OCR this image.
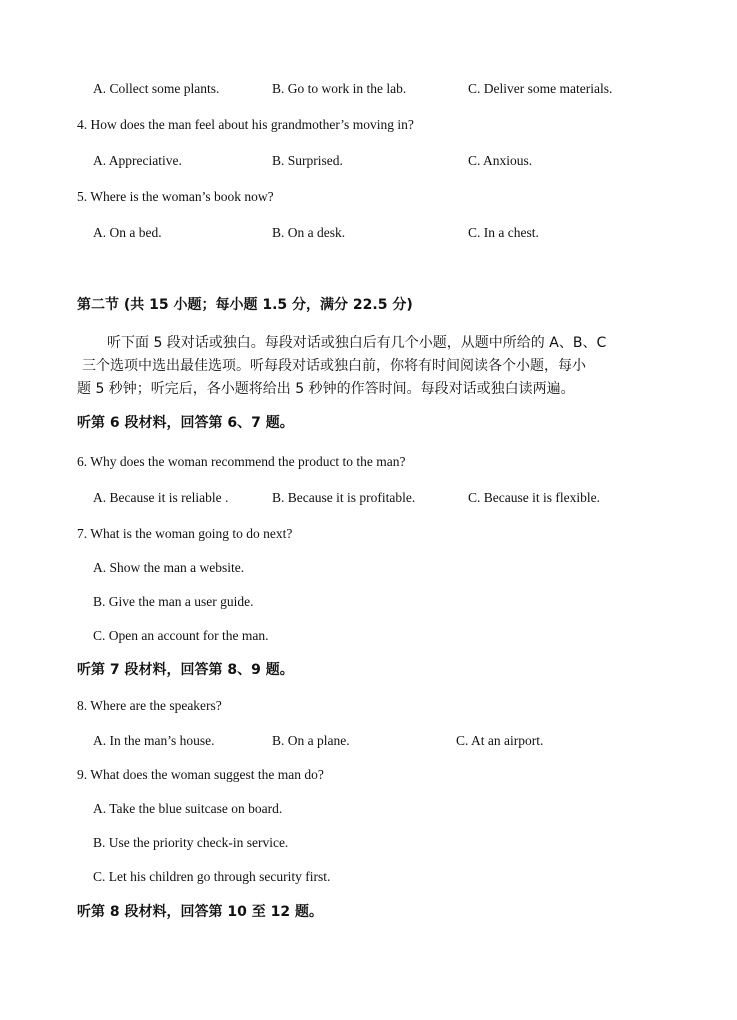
A. Collect some plants.	B. Go to work in the lab.	C. Deliver some materials.
4. How does the man feel about his grandmother’s moving in?
A. Appreciative.	B. Surprised.	C. Anxious.
5. Where is the woman’s book now?
A. On a bed.	B. On a desk.	C. In a chest.
第二节 (共 15 小题；每小题 1.5 分，满分 22.5 分)
听下面 5 段对话或独白。每段对话或独白后有几个小题，从题中所给的 A、B、C
三个选项中选出最佳选项。听每段对话或独白前，你将有时间阅读各个小题，每小
题 5 秒钟；听完后，各小题将给出 5 秒钟的作答时间。每段对话或独白读两遍。
听第 6 段材料，回答第 6、7 题。
6. Why does the woman recommend the product to the man?
A. Because it is reliable .	B. Because it is profitable.	C. Because it is flexible.
7. What is the woman going to do next?
A. Show the man a website.
B. Give the man a user guide.
C. Open an account for the man.
听第 7 段材料，回答第 8、9 题。
8. Where are the speakers?
A. In the man’s house.	B. On a plane.	C. At an airport.
9. What does the woman suggest the man do?
A. Take the blue suitcase on board.
B. Use the priority check-in service.
C. Let his children go through security first.
听第 8 段材料，回答第 10 至 12 题。
